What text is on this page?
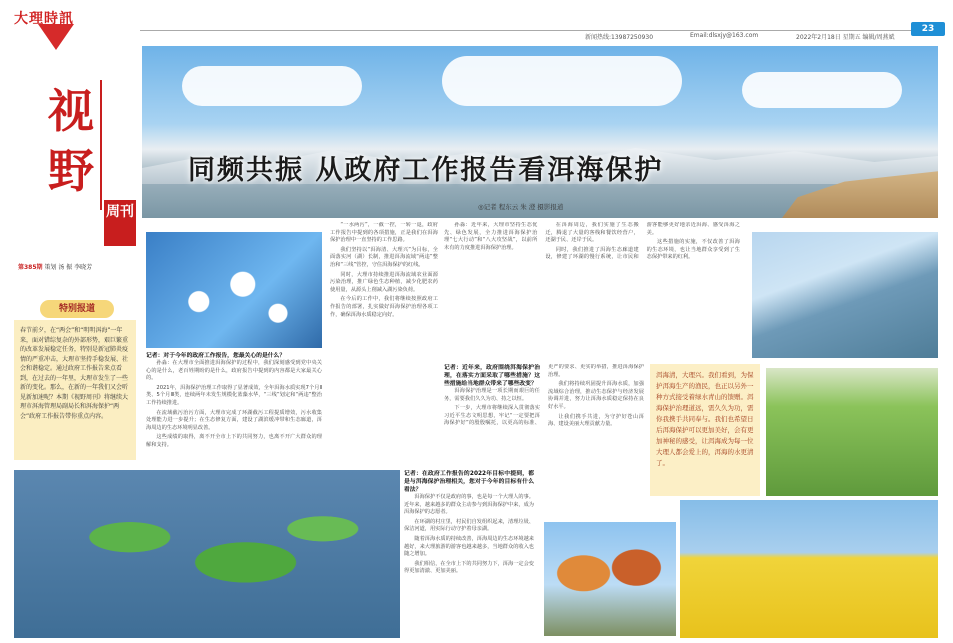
大理時訊
新闻热线:13987250930	Email:dlsxjy@163.com	2022年2月18日 星期五 编辑/周燕斌
23
视
野
周刊
第385期 策划 汤 振 李晓芳
特别报道
春节前夕，在“两会”和“明明洱海”一年来，面对错综复杂的外部形势，艰巨繁重的改革发展稳定任务，特别是新冠肺炎疫情的严重冲击，大理市坚持手稳发展、社会和谐稳定。通过政府工作报告来点看到，在过去的一年里，大理市发生了一些新的变化。那么，在新的一年我们又会听见新加速呢？本期《视野周刊》将继续大理市洱海管理局副局长和洱海保护“两会”政府工作报告带你重点内容。
同频共振 从政府工作报告看洱海保护
◎记者 程东云 朱 澄 摄影报道
洱海清，大理兴。我们看到，为保护洱海生产的渔民，也正以另外一种方式接受着绿水青山的馈赠。洱海保护治理道远，需久久为功，需你我携手共同奉与。我们也希望日后洱海保护可以更加美好，会有更加神秘的感受，让洱海成为每一位大理人都会爱上的，洱海的水更清了。
记者：对于今年的政府工作报告，您最关心的是什么？

孙淼：在大理市全面推进洱海保护的过程中，我们深刻感受到党中央关心的是什么，老百姓期盼的是什么，政府报告中提到的内容都是大家最关心的。

2021年，洱海保护治理工作取得了显著成效，全年洱海水质实现7个月Ⅱ类、5个月Ⅲ类，连续两年未发生规模化蓝藻水华，“三线”划定和“两违”整治工作持续推进。

在流域截污治污方面，大理市完成了环湖截污工程提质增效，污水收集处理能力进一步提升；在生态修复方面，建设了湖滨缓冲带和生态廊道，洱海周边的生态环境明显改善。

这些成绩的取得，离不开全市上下的共同努力，也离不开广大群众的理解和支持。

“一水两污”，一截一控，一转一退，政府工作报告中提到的各项措施，正是我们在洱海保护治理中一直坚持的工作思路。

我们坚持以“洱海清、大理兴”为目标，全面落实河（湖）长制，推进洱海流域“两违”整治和“三线”管控，守住洱海保护的红线。

同时，大理市持续推进洱海流域农业面源污染治理，推广绿色生态种植，减少化肥农药使用量，从源头上削减入湖污染负荷。

在今后的工作中，我们将继续按照政府工作报告的部署，扎实做好洱海保护治理各项工作，确保洱海水质稳定向好。

记者：在政府工作报告的2022年目标中提到，都是与洱海保护治理相关，您对于今年的目标有什么看法？

洱海保护不仅是政府的事，也是每一个大理人的事。近年来，越来越多的群众主动参与到洱海保护中来，成为洱海保护的志愿者。

在环湖的村庄里，村民们自发组织起来，清理垃圾、保洁河道，用实际行动守护着母亲湖。

随着洱海水质的持续改善，洱海周边的生态环境越来越好，来大理旅游的游客也越来越多，当地群众的收入也随之增加。

我们相信，在全市上下的共同努力下，洱海一定会变得更加清澈、更加美丽。

孙淼：近年来，大理市坚持生态优先、绿色发展，全力推进洱海保护治理“七大行动”和“八大攻坚战”，以前所未有的力度推进洱海保护治理。

在洱海周边，我们实施了生态搬迁，腾退了大量的客栈和餐饮经营户，还湖于民、还岸于民。

同时，我们推进了洱海生态廊道建设，修建了环湖的慢行系统，让市民和游客能够更好地亲近洱海、感受洱海之美。

这些措施的实施，不仅改善了洱海的生态环境，也让当地群众享受到了生态保护带来的红利。

记者：近年来，政府围绕洱海保护治理，在落实方面采取了哪些措施？这些措施给当地群众带来了哪些改变？

洱海保护治理是一项长期而艰巨的任务，需要我们久久为功、持之以恒。

下一步，大理市将继续深入贯彻落实习近平生态文明思想，牢记“一定要把洱海保护好”的殷殷嘱托，以更高的标准、更严的要求、更实的举措，推进洱海保护治理。

我们将持续巩固提升洱海水质，加强流域综合治理，推动生态保护与经济发展协调并进，努力让洱海水质稳定保持在良好水平。

让我们携手共进，为守护好苍山洱海、建设美丽大理贡献力量。
